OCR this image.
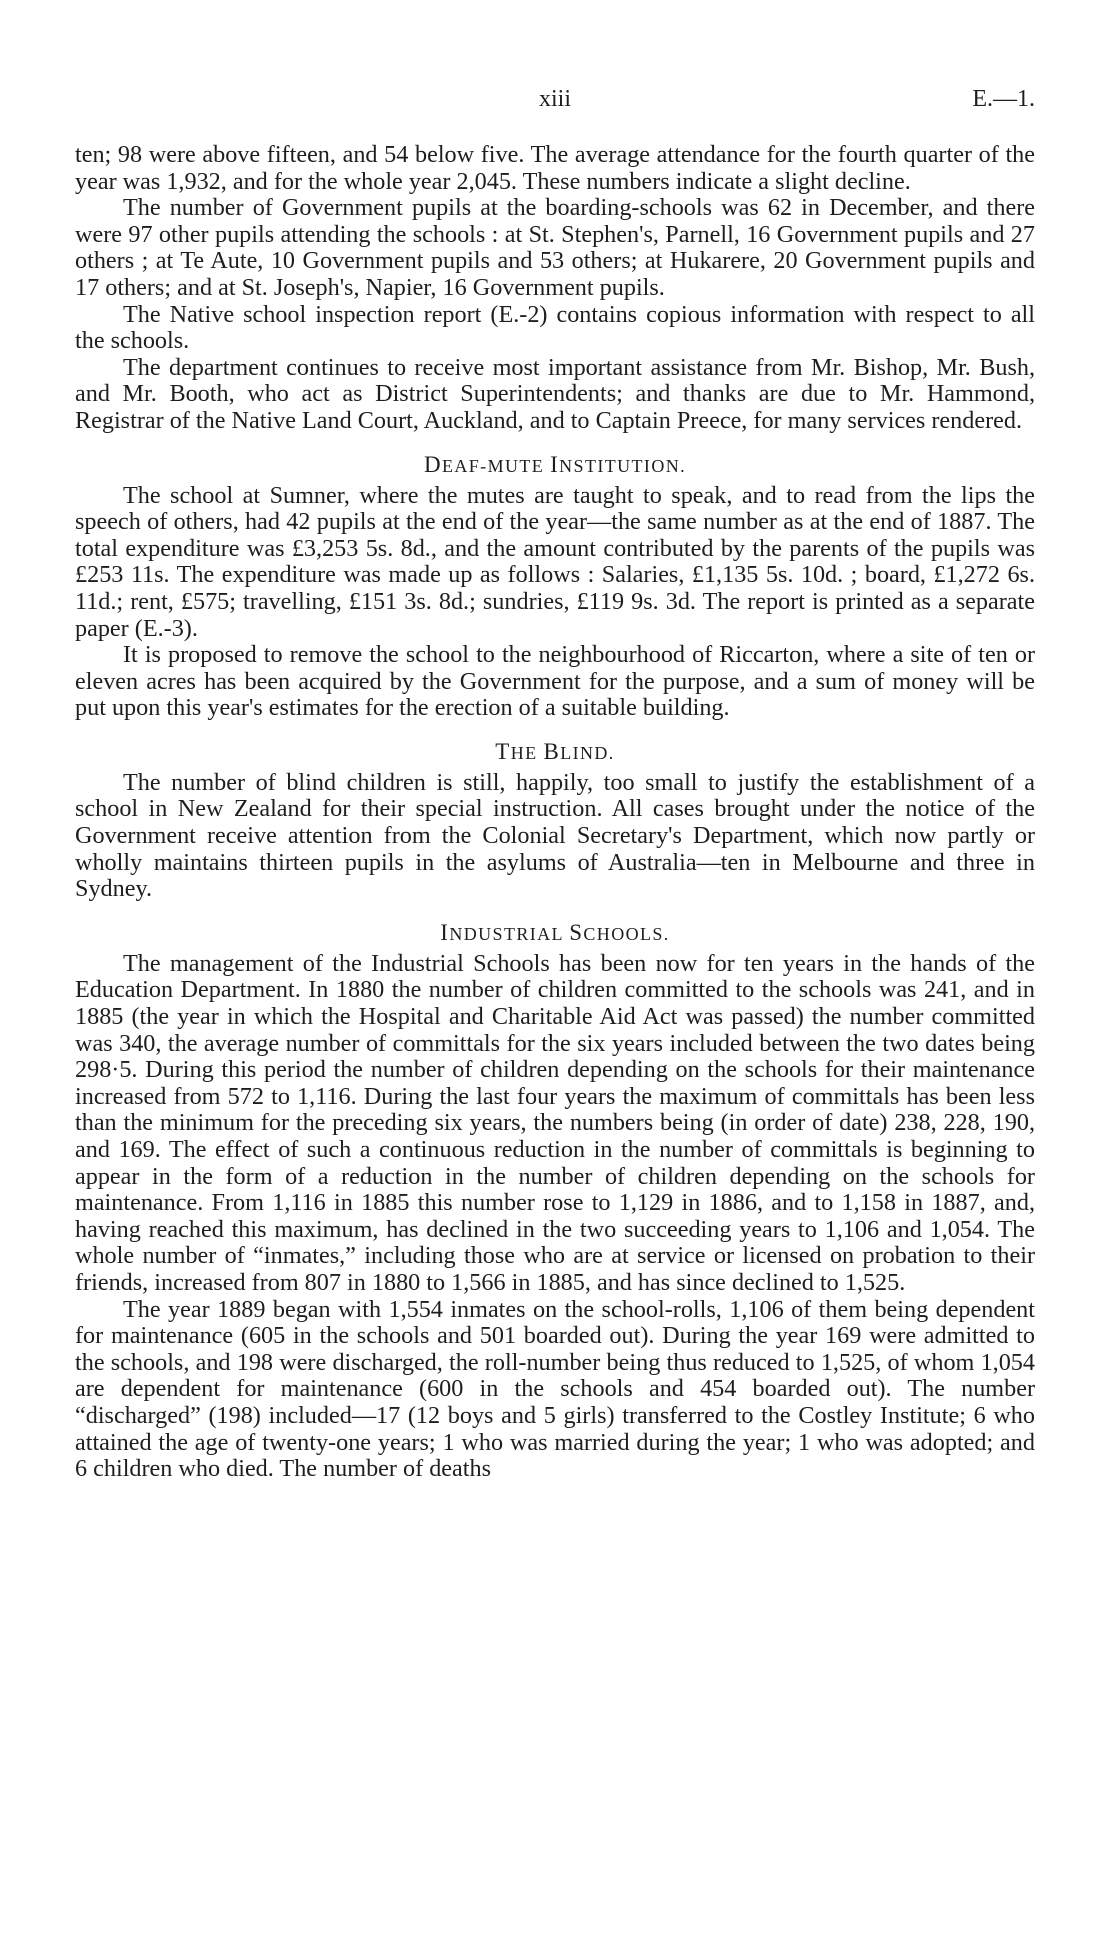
xiii	E.—1.

ten; 98 were above fifteen, and 54 below five. The average attendance for the fourth quarter of the year was 1,932, and for the whole year 2,045. These numbers indicate a slight decline.

The number of Government pupils at the boarding-schools was 62 in December, and there were 97 other pupils attending the schools : at St. Stephen's, Parnell, 16 Government pupils and 27 others ; at Te Aute, 10 Government pupils and 53 others; at Hukarere, 20 Government pupils and 17 others; and at St. Joseph's, Napier, 16 Government pupils.

The Native school inspection report (E.-2) contains copious information with respect to all the schools.

The department continues to receive most important assistance from Mr. Bishop, Mr. Bush, and Mr. Booth, who act as District Superintendents; and thanks are due to Mr. Hammond, Registrar of the Native Land Court, Auckland, and to Captain Preece, for many services rendered.

DEAF-MUTE INSTITUTION.

The school at Sumner, where the mutes are taught to speak, and to read from the lips the speech of others, had 42 pupils at the end of the year—the same number as at the end of 1887. The total expenditure was £3,253 5s. 8d., and the amount contributed by the parents of the pupils was £253 11s. The expenditure was made up as follows : Salaries, £1,135 5s. 10d. ; board, £1,272 6s. 11d.; rent, £575; travelling, £151 3s. 8d.; sundries, £119 9s. 3d. The report is printed as a separate paper (E.-3).

It is proposed to remove the school to the neighbourhood of Riccarton, where a site of ten or eleven acres has been acquired by the Government for the purpose, and a sum of money will be put upon this year's estimates for the erection of a suitable building.

THE BLIND.

The number of blind children is still, happily, too small to justify the establishment of a school in New Zealand for their special instruction. All cases brought under the notice of the Government receive attention from the Colonial Secretary's Department, which now partly or wholly maintains thirteen pupils in the asylums of Australia—ten in Melbourne and three in Sydney.

INDUSTRIAL SCHOOLS.

The management of the Industrial Schools has been now for ten years in the hands of the Education Department. In 1880 the number of children committed to the schools was 241, and in 1885 (the year in which the Hospital and Charitable Aid Act was passed) the number committed was 340, the average number of committals for the six years included between the two dates being 298·5. During this period the number of children depending on the schools for their maintenance increased from 572 to 1,116. During the last four years the maximum of committals has been less than the minimum for the preceding six years, the numbers being (in order of date) 238, 228, 190, and 169. The effect of such a continuous reduction in the number of committals is beginning to appear in the form of a reduction in the number of children depending on the schools for maintenance. From 1,116 in 1885 this number rose to 1,129 in 1886, and to 1,158 in 1887, and, having reached this maximum, has declined in the two succeeding years to 1,106 and 1,054. The whole number of “inmates,” including those who are at service or licensed on probation to their friends, increased from 807 in 1880 to 1,566 in 1885, and has since declined to 1,525.

The year 1889 began with 1,554 inmates on the school-rolls, 1,106 of them being dependent for maintenance (605 in the schools and 501 boarded out). During the year 169 were admitted to the schools, and 198 were discharged, the roll-number being thus reduced to 1,525, of whom 1,054 are dependent for maintenance (600 in the schools and 454 boarded out). The number “discharged” (198) included—17 (12 boys and 5 girls) transferred to the Costley Institute; 6 who attained the age of twenty-one years; 1 who was married during the year; 1 who was adopted; and 6 children who died. The number of deaths
